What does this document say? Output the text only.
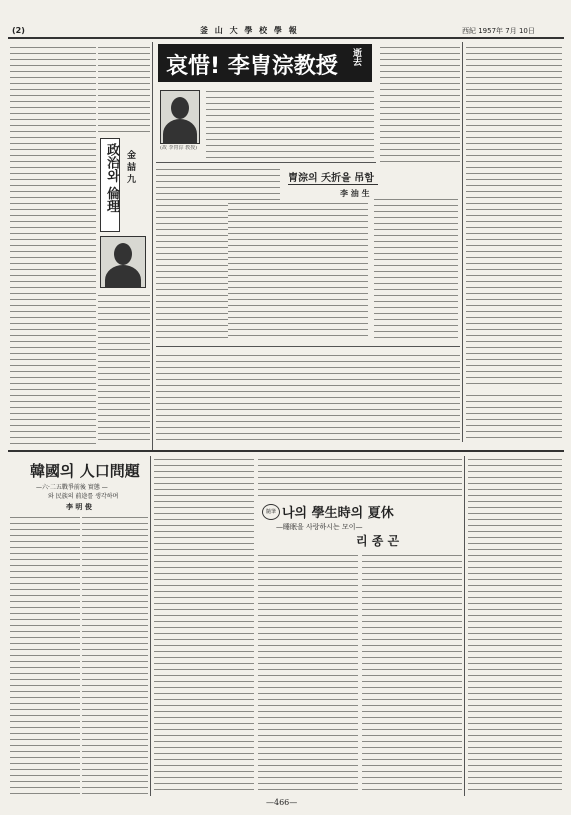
(2)	釜 山 大 學 校 學 報	西紀 1957年 7月 10日
政治와 倫理 金 喆 九
哀惜! 李胄淙教授 逝去
(故 李胄淙 教授)
胄淙의 夭折을 吊함
李 油 生
韓國의 人口問題
—六·二五戰爭前後 實態 —
와 民族의 前途를 생각하며
李 明 俊
隨筆 나의 學生時의 夏休
—睡眠을 사랑하시는 모이—
리 종 곤
—466—
